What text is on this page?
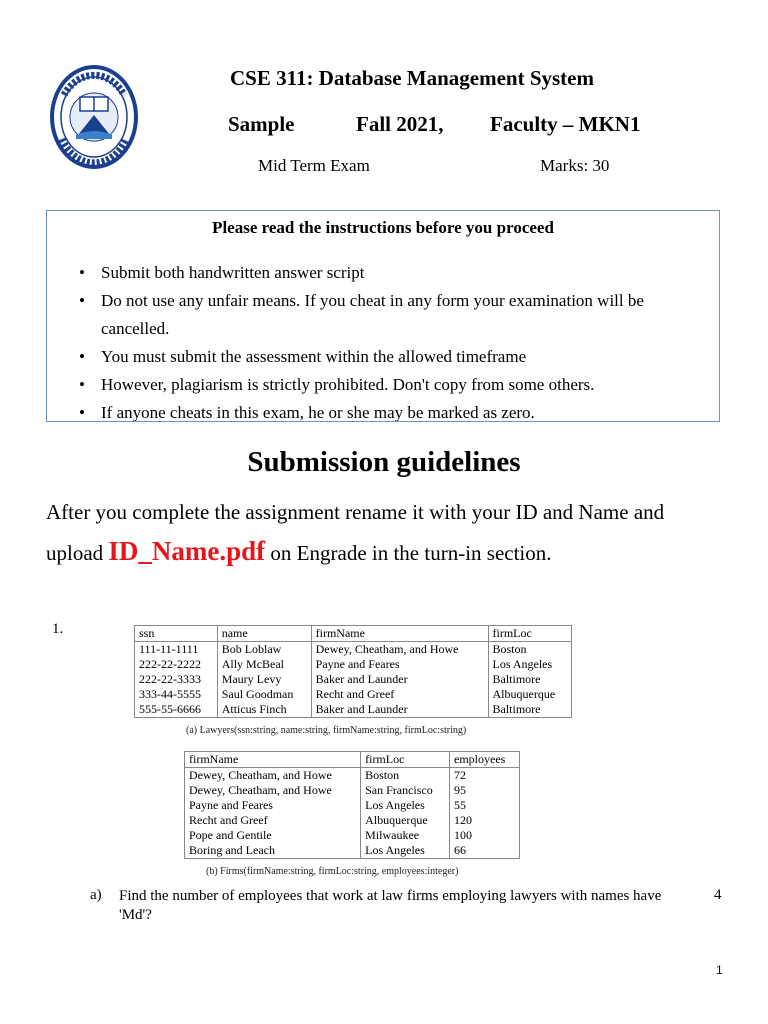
CSE 311: Database Management System
Sample	Fall 2021, Faculty – MKN1
Mid Term Exam	Marks: 30
Please read the instructions before you proceed
• Submit both handwritten answer script
• Do not use any unfair means. If you cheat in any form your examination will be cancelled.
• You must submit the assessment within the allowed timeframe
• However, plagiarism is strictly prohibited. Don't copy from some others.
• If anyone cheats in this exam, he or she may be marked as zero.
Submission guidelines
After you complete the assignment rename it with your ID and Name and
upload ID_Name.pdf on Engrade in the turn-in section.
1.	ssn	name	firmName	firmLoc
111-11-1111	Bob Loblaw	Dewey, Cheatham, and Howe	Boston
222-22-2222	Ally McBeal	Payne and Feares	Los Angeles
222-22-3333	Maury Levy	Baker and Launder	Baltimore
333-44-5555	Saul Goodman	Recht and Greef	Albuquerque
555-55-6666	Atticus Finch	Baker and Launder	Baltimore
(a) Lawyers(ssn:string, name:string, firmName:string, firmLoc:string)
firmName	firmLoc	employees
Dewey, Cheatham, and Howe	Boston	72
Dewey, Cheatham, and Howe	San Francisco	95
Payne and Feares	Los Angeles	55
Recht and Greef	Albuquerque	120
Pope and Gentile	Milwaukee	100
Boring and Leach	Los Angeles	66
(b) Firms(firmName:string, firmLoc:string, employees:integer)
a) Find the number of employees that work at law firms employing lawyers with names have 'Md'?
4
1
